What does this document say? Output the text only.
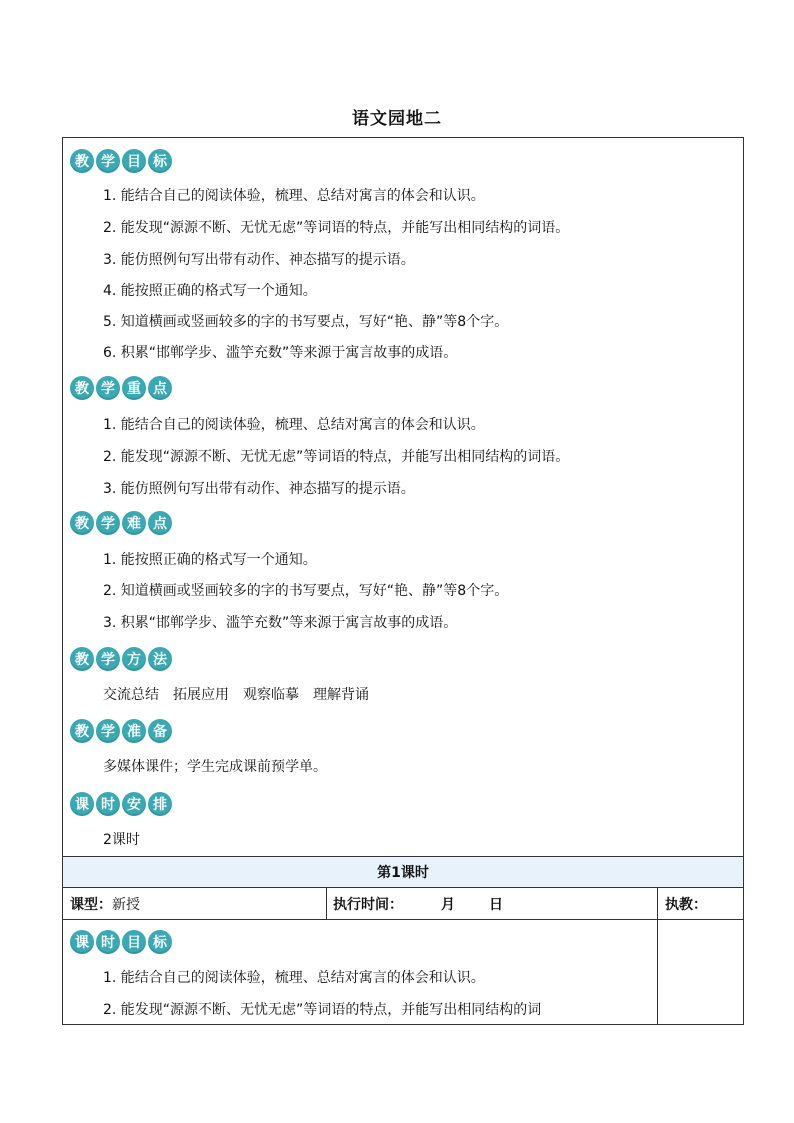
语文园地二
教 学 目 标
1. 能结合自己的阅读体验，梳理、总结对寓言的体会和认识。
2. 能发现“源源不断、无忧无虑”等词语的特点，并能写出相同结构的词语。
3. 能仿照例句写出带有动作、神态描写的提示语。
4. 能按照正确的格式写一个通知。
5. 知道横画或竖画较多的字的书写要点，写好“艳、静”等8个字。
6. 积累“邯郸学步、滥竽充数”等来源于寓言故事的成语。
教 学 重 点
1. 能结合自己的阅读体验，梳理、总结对寓言的体会和认识。
2. 能发现“源源不断、无忧无虑”等词语的特点，并能写出相同结构的词语。
3. 能仿照例句写出带有动作、神态描写的提示语。
教 学 难 点
1. 能按照正确的格式写一个通知。
2. 知道横画或竖画较多的字的书写要点，写好“艳、静”等8个字。
3. 积累“邯郸学步、滥竽充数”等来源于寓言故事的成语。
教 学 方 法
交流总结　拓展应用　观察临摹　理解背诵
教 学 准 备
多媒体课件；学生完成课前预学单。
课 时 安 排
2课时
第1课时
课型： 新授	执行时间：	月 日	执教：
课 时 目 标
1. 能结合自己的阅读体验，梳理、总结对寓言的体会和认识。
2. 能发现“源源不断、无忧无虑”等词语的特点，并能写出相同结构的词
